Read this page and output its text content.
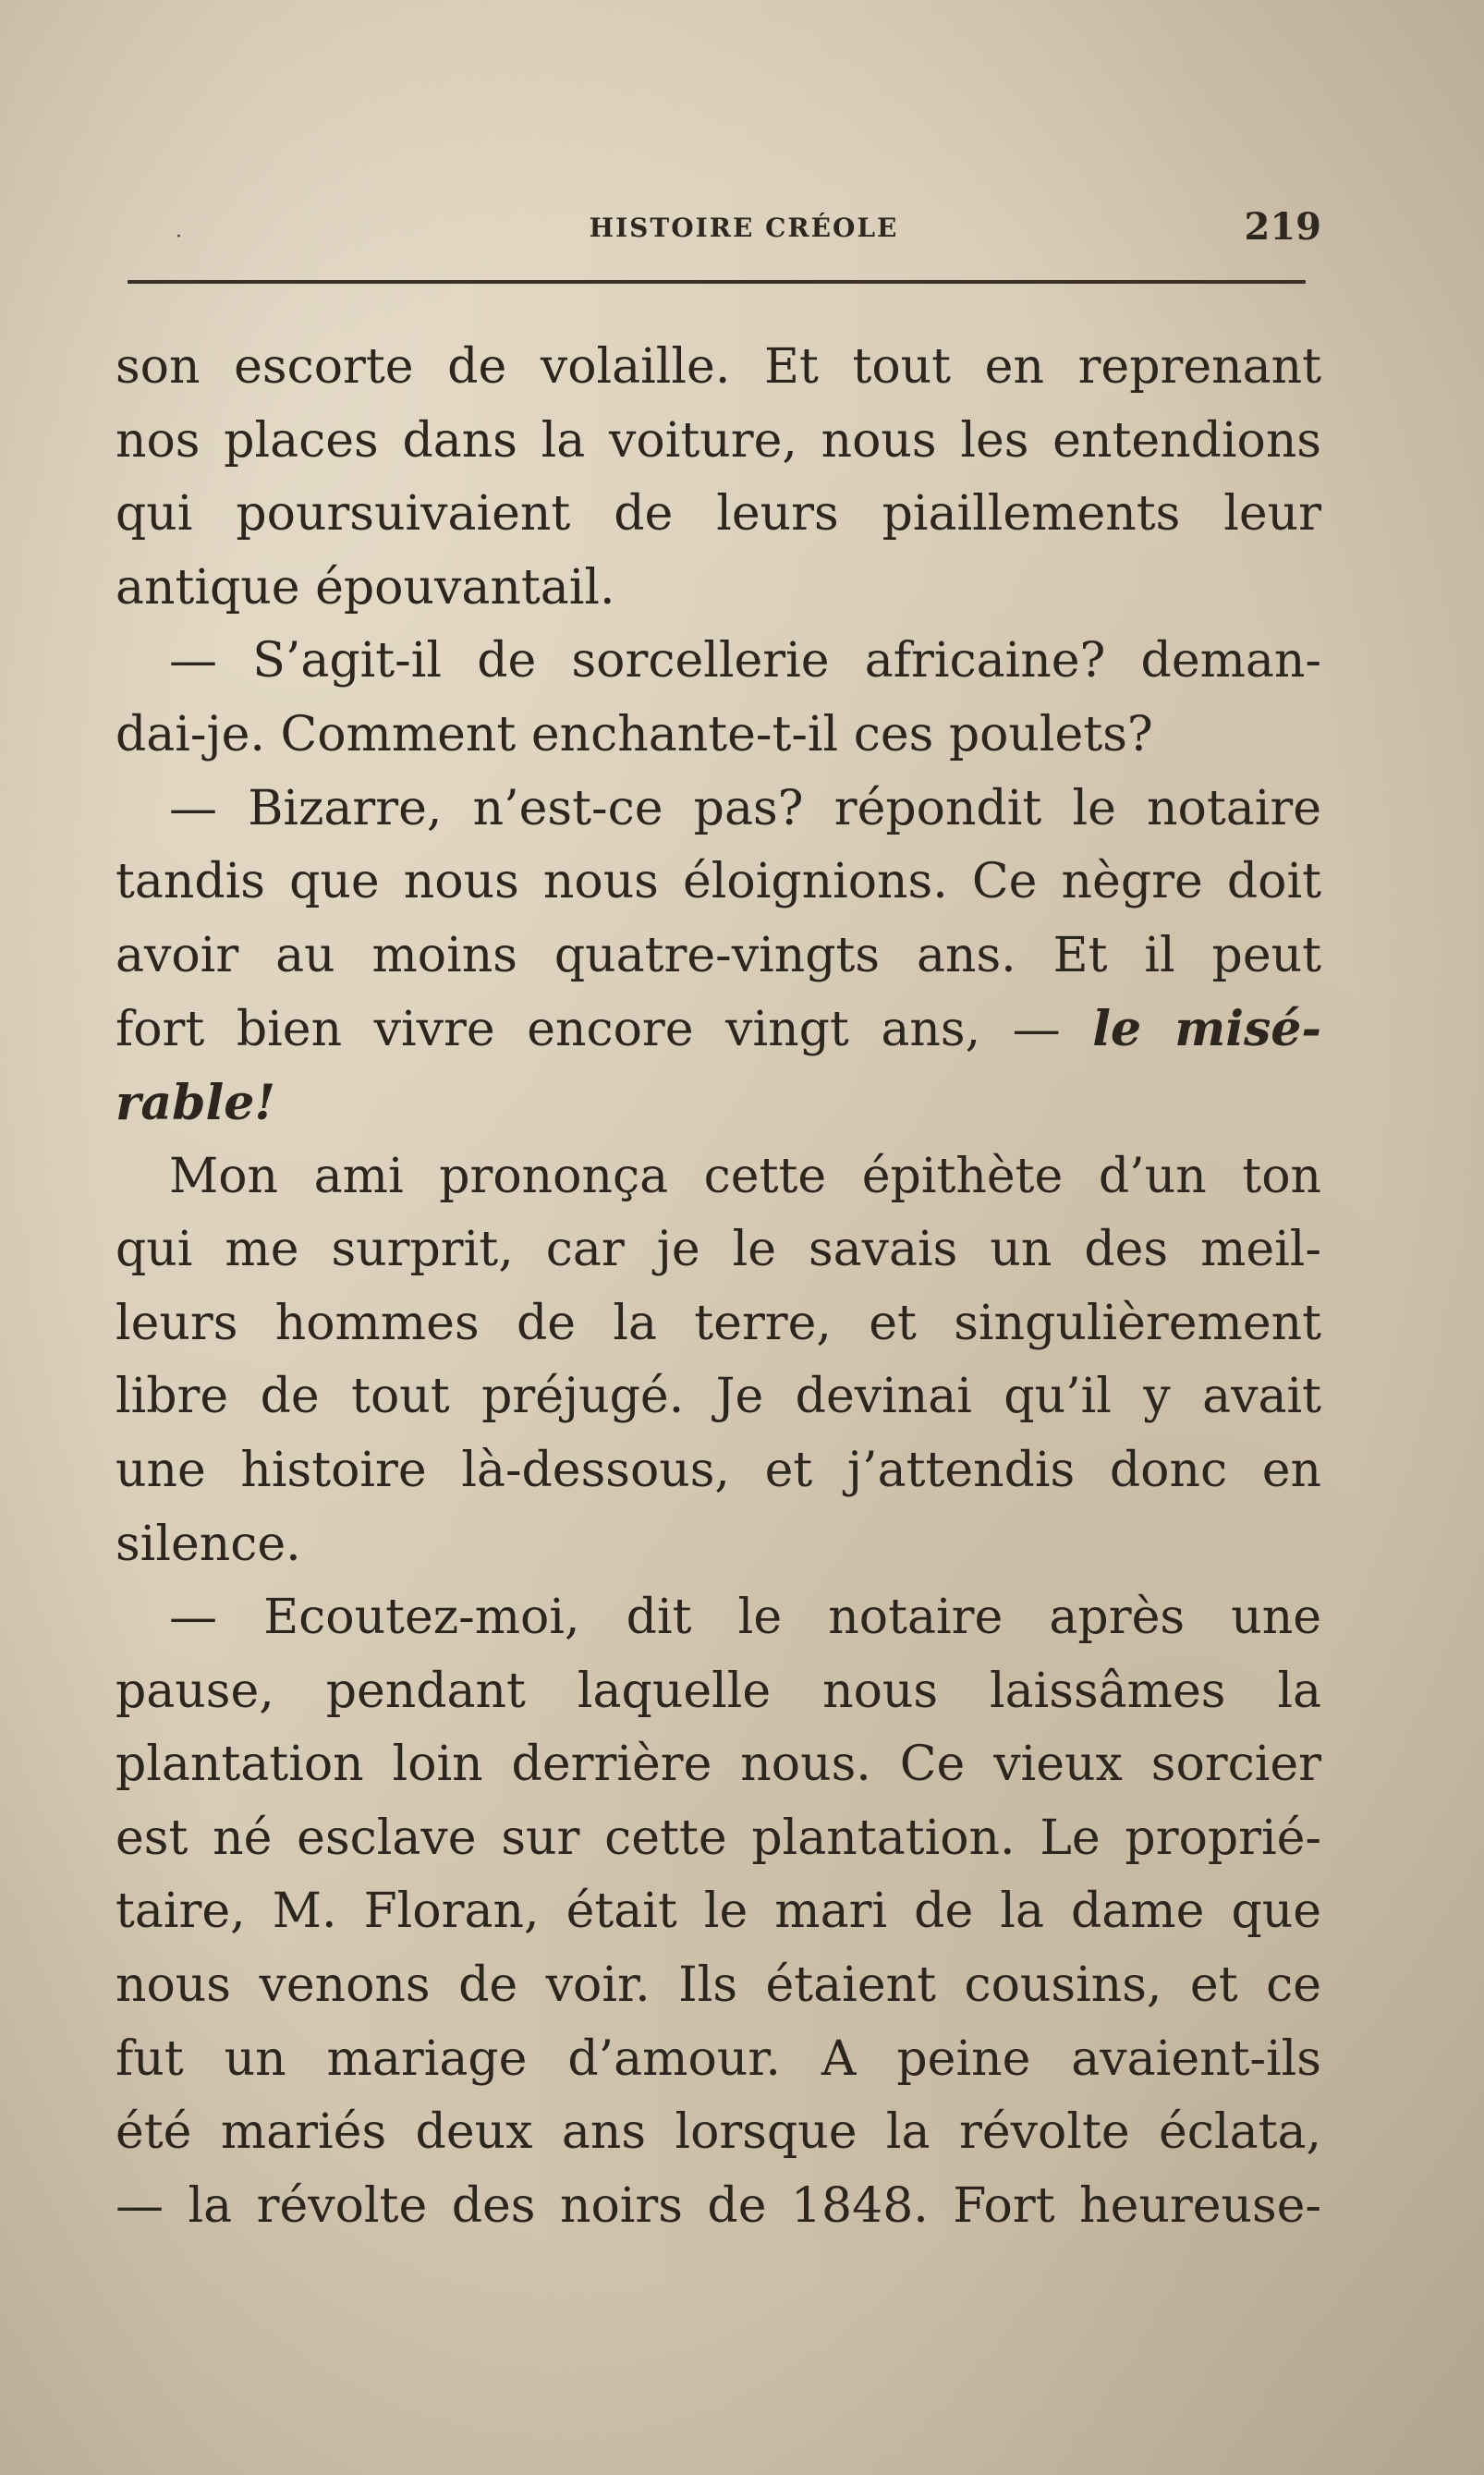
·	HISTOIRE CRÉOLE	219
son escorte de volaille. Et tout en reprenant
nos places dans la voiture, nous les entendions
qui poursuivaient de leurs piaillements leur
antique épouvantail.
— S’agit-il de sorcellerie africaine? deman-
dai-je. Comment enchante-t-il ces poulets?
— Bizarre, n’est-ce pas? répondit le notaire
tandis que nous nous éloignions. Ce nègre doit
avoir au moins quatre-vingts ans. Et il peut
fort bien vivre encore vingt ans, — le misé-
rable!
Mon ami prononça cette épithète d’un ton
qui me surprit, car je le savais un des meil-
leurs hommes de la terre, et singulièrement
libre de tout préjugé. Je devinai qu’il y avait
une histoire là-dessous, et j’attendis donc en
silence.
— Ecoutez-moi, dit le notaire après une
pause, pendant laquelle nous laissâmes la
plantation loin derrière nous. Ce vieux sorcier
est né esclave sur cette plantation. Le proprié-
taire, M. Floran, était le mari de la dame que
nous venons de voir. Ils étaient cousins, et ce
fut un mariage d’amour. A peine avaient-ils
été mariés deux ans lorsque la révolte éclata,
— la révolte des noirs de 1848. Fort heureuse-
